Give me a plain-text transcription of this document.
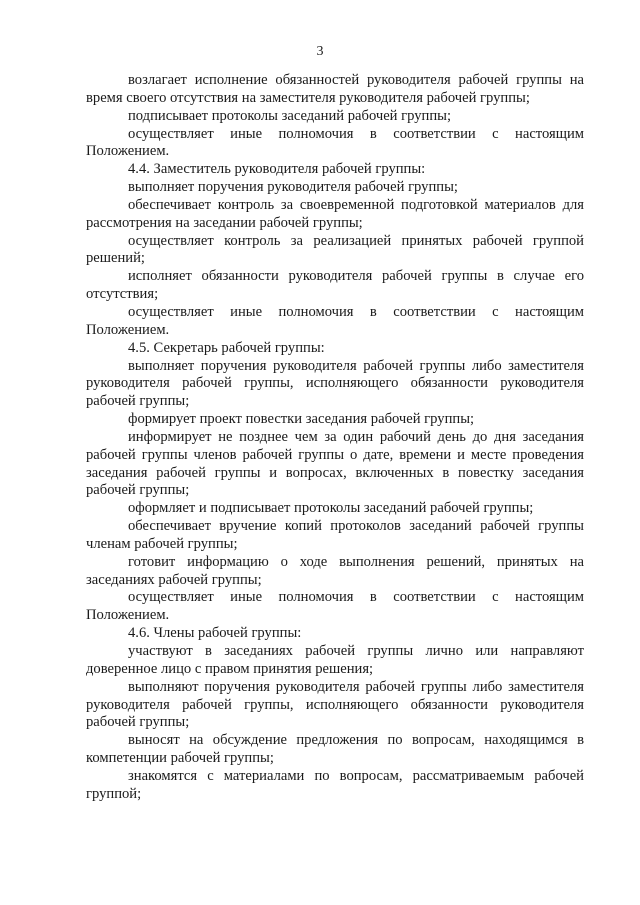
3

возлагает исполнение обязанностей руководителя рабочей группы на время своего отсутствия на заместителя руководителя рабочей группы;

подписывает протоколы заседаний рабочей группы;

осуществляет иные полномочия в соответствии с настоящим Положением.

4.4. Заместитель руководителя рабочей группы:

выполняет поручения руководителя рабочей группы;

обеспечивает контроль за своевременной подготовкой материалов для рассмотрения на заседании рабочей группы;

осуществляет контроль за реализацией принятых рабочей группой решений;

исполняет обязанности руководителя рабочей группы в случае его отсутствия;

осуществляет иные полномочия в соответствии с настоящим Положением.

4.5. Секретарь рабочей группы:

выполняет поручения руководителя рабочей группы либо заместителя руководителя рабочей группы, исполняющего обязанности руководителя рабочей группы;

формирует проект повестки заседания рабочей группы;

информирует не позднее чем за один рабочий день до дня заседания рабочей группы членов рабочей группы о дате, времени и месте проведения заседания рабочей группы и вопросах, включенных в повестку заседания рабочей группы;

оформляет и подписывает протоколы заседаний рабочей группы;

обеспечивает вручение копий протоколов заседаний рабочей группы членам рабочей группы;

готовит информацию о ходе выполнения решений, принятых на заседаниях рабочей группы;

осуществляет иные полномочия в соответствии с настоящим Положением.

4.6. Члены рабочей группы:

участвуют в заседаниях рабочей группы лично или направляют доверенное лицо с правом принятия решения;

выполняют поручения руководителя рабочей группы либо заместителя руководителя рабочей группы, исполняющего обязанности руководителя рабочей группы;

выносят на обсуждение предложения по вопросам, находящимся в компетенции рабочей группы;

знакомятся с материалами по вопросам, рассматриваемым рабочей группой;
